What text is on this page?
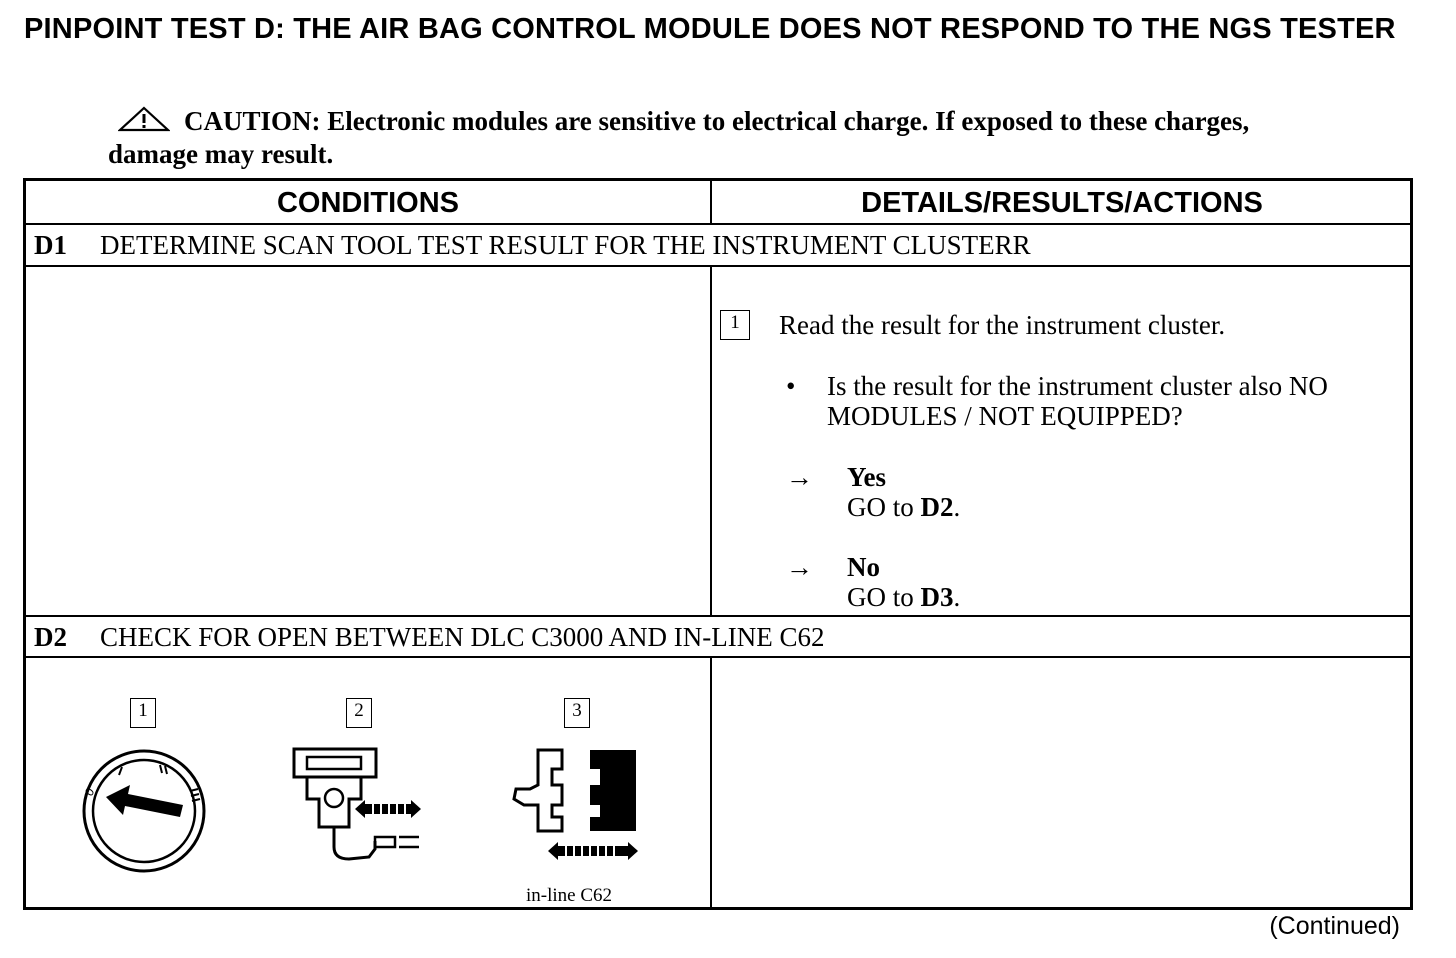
PINPOINT TEST D: THE AIR BAG CONTROL MODULE DOES NOT RESPOND TO THE NGS TESTER
CAUTION: Electronic modules are sensitive to electrical charge. If exposed to these charges, damage may result.
CONDITIONS	DETAILS/RESULTS/ACTIONS
D1 DETERMINE SCAN TOOL TEST RESULT FOR THE INSTRUMENT CLUSTERR
1	Read the result for the instrument cluster.
• Is the result for the instrument cluster also NO
MODULES / NOT EQUIPPED?
→ Yes
GO to D2.
→ No
GO to D3.
D2 CHECK FOR OPEN BETWEEN DLC C3000 AND IN-LINE C62
1	2	3
0
in-line C62
(Continued)
